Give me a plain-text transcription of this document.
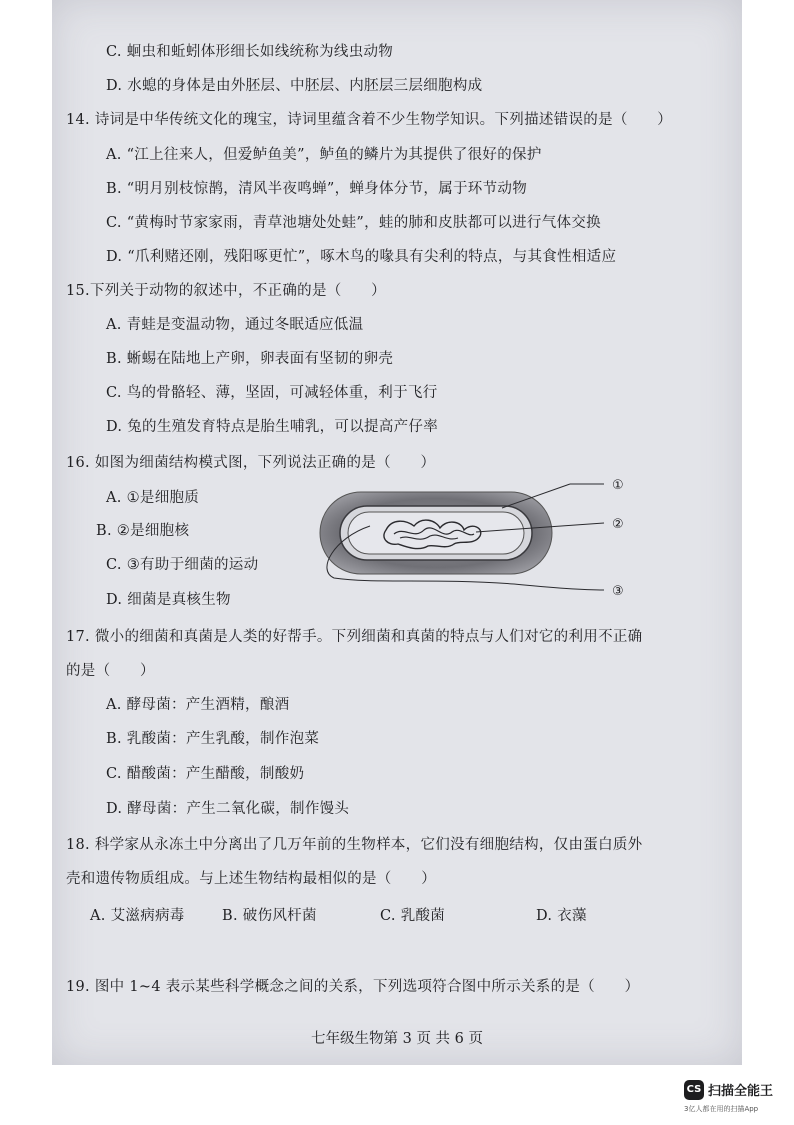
C. 蛔虫和蚯蚓体形细长如线统称为线虫动物
D. 水螅的身体是由外胚层、中胚层、内胚层三层细胞构成
14. 诗词是中华传统文化的瑰宝，诗词里蕴含着不少生物学知识。下列描述错误的是（　　）
A. “江上往来人，但爱鲈鱼美”，鲈鱼的鳞片为其提供了很好的保护
B. “明月别枝惊鹊，清风半夜鸣蝉”，蝉身体分节，属于环节动物
C. “黄梅时节家家雨，青草池塘处处蛙”，蛙的肺和皮肤都可以进行气体交换
D. “爪利赌还刚，残阳啄更忙”，啄木鸟的喙具有尖利的特点，与其食性相适应
15.下列关于动物的叙述中，不正确的是（　　）
A. 青蛙是变温动物，通过冬眠适应低温
B. 蜥蜴在陆地上产卵，卵表面有坚韧的卵壳
C. 鸟的骨骼轻、薄，坚固，可减轻体重，利于飞行
D. 兔的生殖发育特点是胎生哺乳，可以提高产仔率
16. 如图为细菌结构模式图，下列说法正确的是（　　）
A. ①是细胞质
B. ②是细胞核
C. ③有助于细菌的运动
D. 细菌是真核生物
①
②
③
17. 微小的细菌和真菌是人类的好帮手。下列细菌和真菌的特点与人们对它的利用不正确
的是（　　）
A. 酵母菌：产生酒精，酿酒
B. 乳酸菌：产生乳酸，制作泡菜
C. 醋酸菌：产生醋酸，制酸奶
D. 酵母菌：产生二氧化碳，制作馒头
18. 科学家从永冻土中分离出了几万年前的生物样本，它们没有细胞结构，仅由蛋白质外
壳和遗传物质组成。与上述生物结构最相似的是（　　）
A. 艾滋病病毒	B. 破伤风杆菌	C. 乳酸菌	D. 衣藻
19. 图中 1~4 表示某些科学概念之间的关系，下列选项符合图中所示关系的是（　　）
七年级生物第 3 页 共 6 页
CS 扫描全能王
3亿人都在用的扫描App
